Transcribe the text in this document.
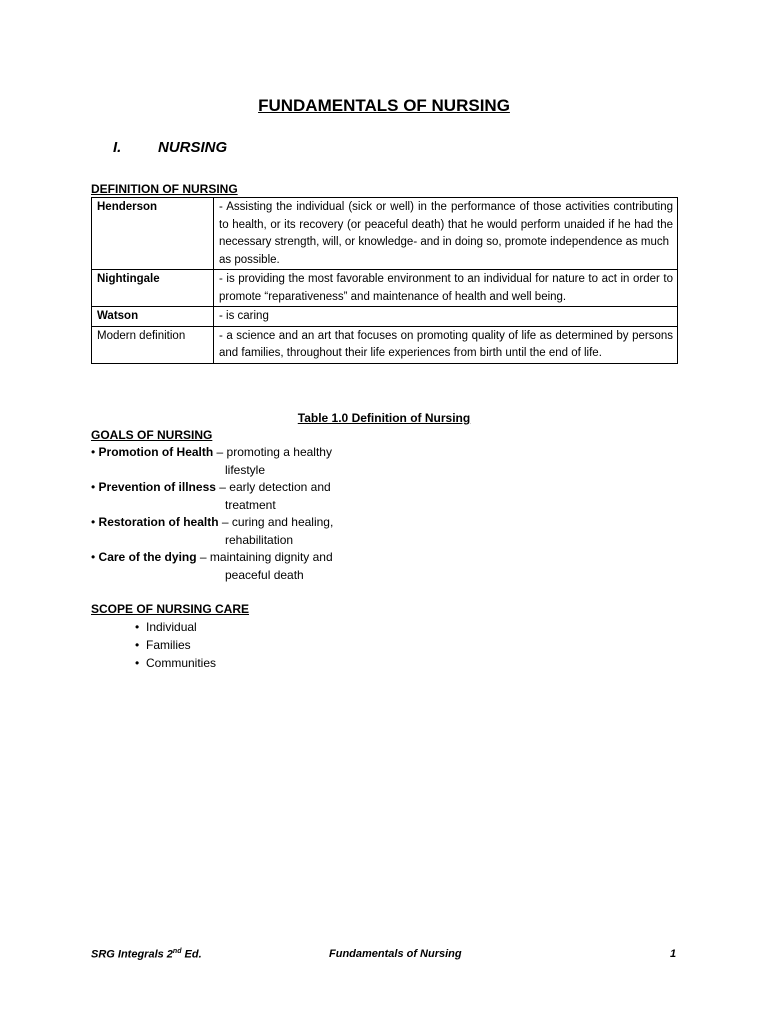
FUNDAMENTALS OF NURSING
I. NURSING
DEFINITION OF NURSING
Henderson	- Assisting the individual (sick or well) in the performance of those activities contributing to health, or its recovery (or peaceful death) that he would perform unaided if he had the necessary strength, will, or knowledge- and in doing so, promote independence as much
as possible.
Nightingale	- is providing the most favorable environment to an individual for nature to act in order to promote “reparativeness” and maintenance of health and well being.
Watson	- is caring
Modern definition	- a science and an art that focuses on promoting quality of life as determined by persons and families, throughout their life experiences from birth until the end of life.
Table 1.0 Definition of Nursing
GOALS OF NURSING

• Promotion of Health – promoting a healthy
lifestyle

• Prevention of illness – early detection and
treatment

• Restoration of health – curing and healing,
rehabilitation

• Care of the dying – maintaining dignity and
peaceful death

SCOPE OF NURSING CARE
• Individual
• Families
• Communities
SRG Integrals 2nd Ed.	Fundamentals of Nursing	1
